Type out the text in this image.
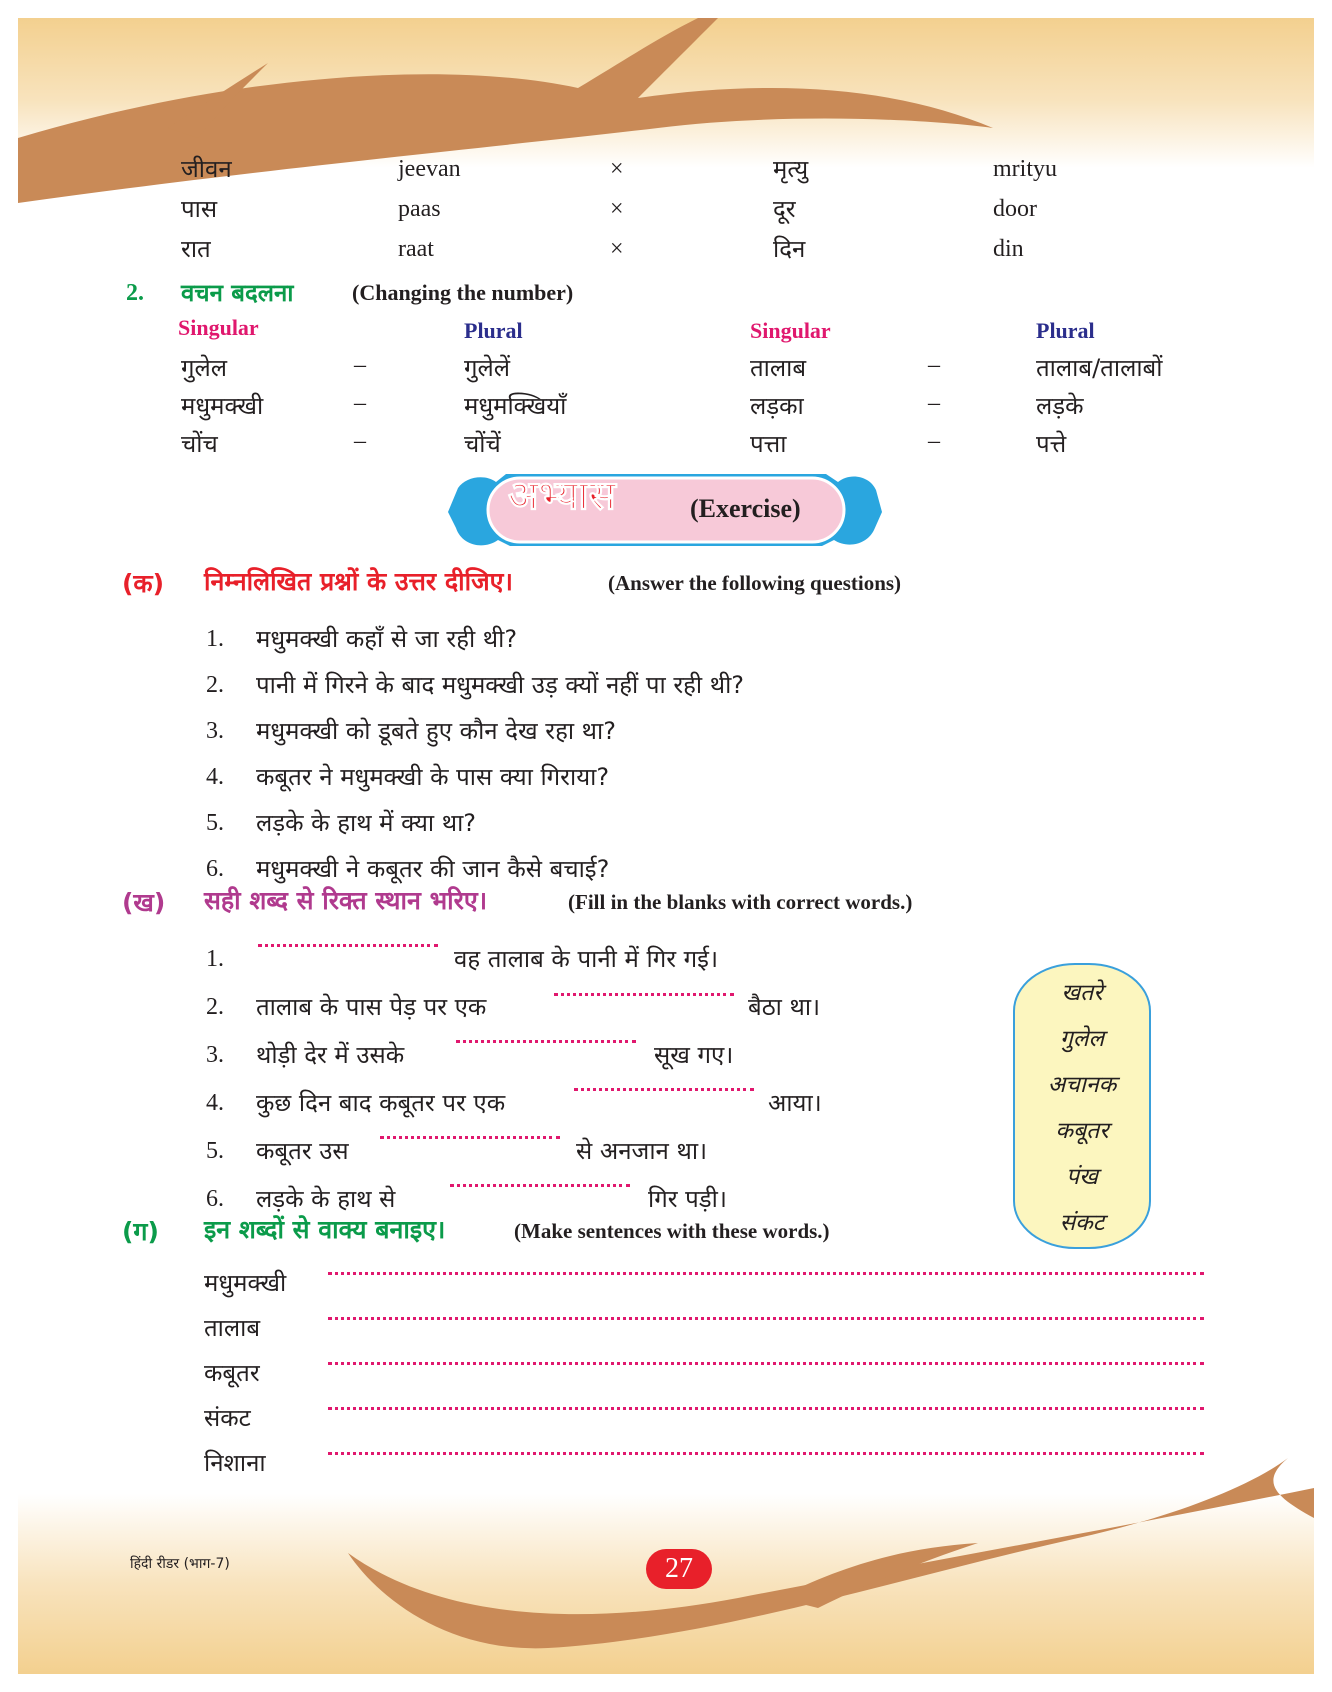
जीवन	jeevan	×	मृत्यु	mrityu
पास	paas	×	दूर	door
रात	raat	×	दिन	din
2. वचन बदलना	(Changing the number)
Singular	Plural	Singular	Plural
गुलेल	–	गुलेलें	तालाब	–	तालाब/तालाबों
मधुमक्खी	–	मधुमक्खियाँ	लड़का	–	लड़के
चोंच	–	चोंचें	पत्ता	–	पत्ते
अभ्यास	(Exercise)
(क) निम्नलिखित प्रश्नों के उत्तर दीजिए।	(Answer the following questions)
1. मधुमक्खी कहाँ से जा रही थी?
2. पानी में गिरने के बाद मधुमक्खी उड़ क्यों नहीं पा रही थी?
3. मधुमक्खी को डूबते हुए कौन देख रहा था?
4. कबूतर ने मधुमक्खी के पास क्या गिराया?
5. लड़के के हाथ में क्या था?
6. मधुमक्खी ने कबूतर की जान कैसे बचाई?
(ख) सही शब्द से रिक्त स्थान भरिए।	(Fill in the blanks with correct words.)
1.	वह तालाब के पानी में गिर गई।
2. तालाब के पास पेड़ पर एक	बैठा था।
3. थोड़ी देर में उसके	सूख गए।
4. कुछ दिन बाद कबूतर पर एक	आया।
5. कबूतर उस	से अनजान था।
6. लड़के के हाथ से	गिर पड़ी।
खतरे
गुलेल
अचानक
कबूतर
पंख
संकट
(ग) इन शब्दों से वाक्य बनाइए।	(Make sentences with these words.)
मधुमक्खी
तालाब
कबूतर
संकट
निशाना
हिंदी रीडर (भाग-7)	27
